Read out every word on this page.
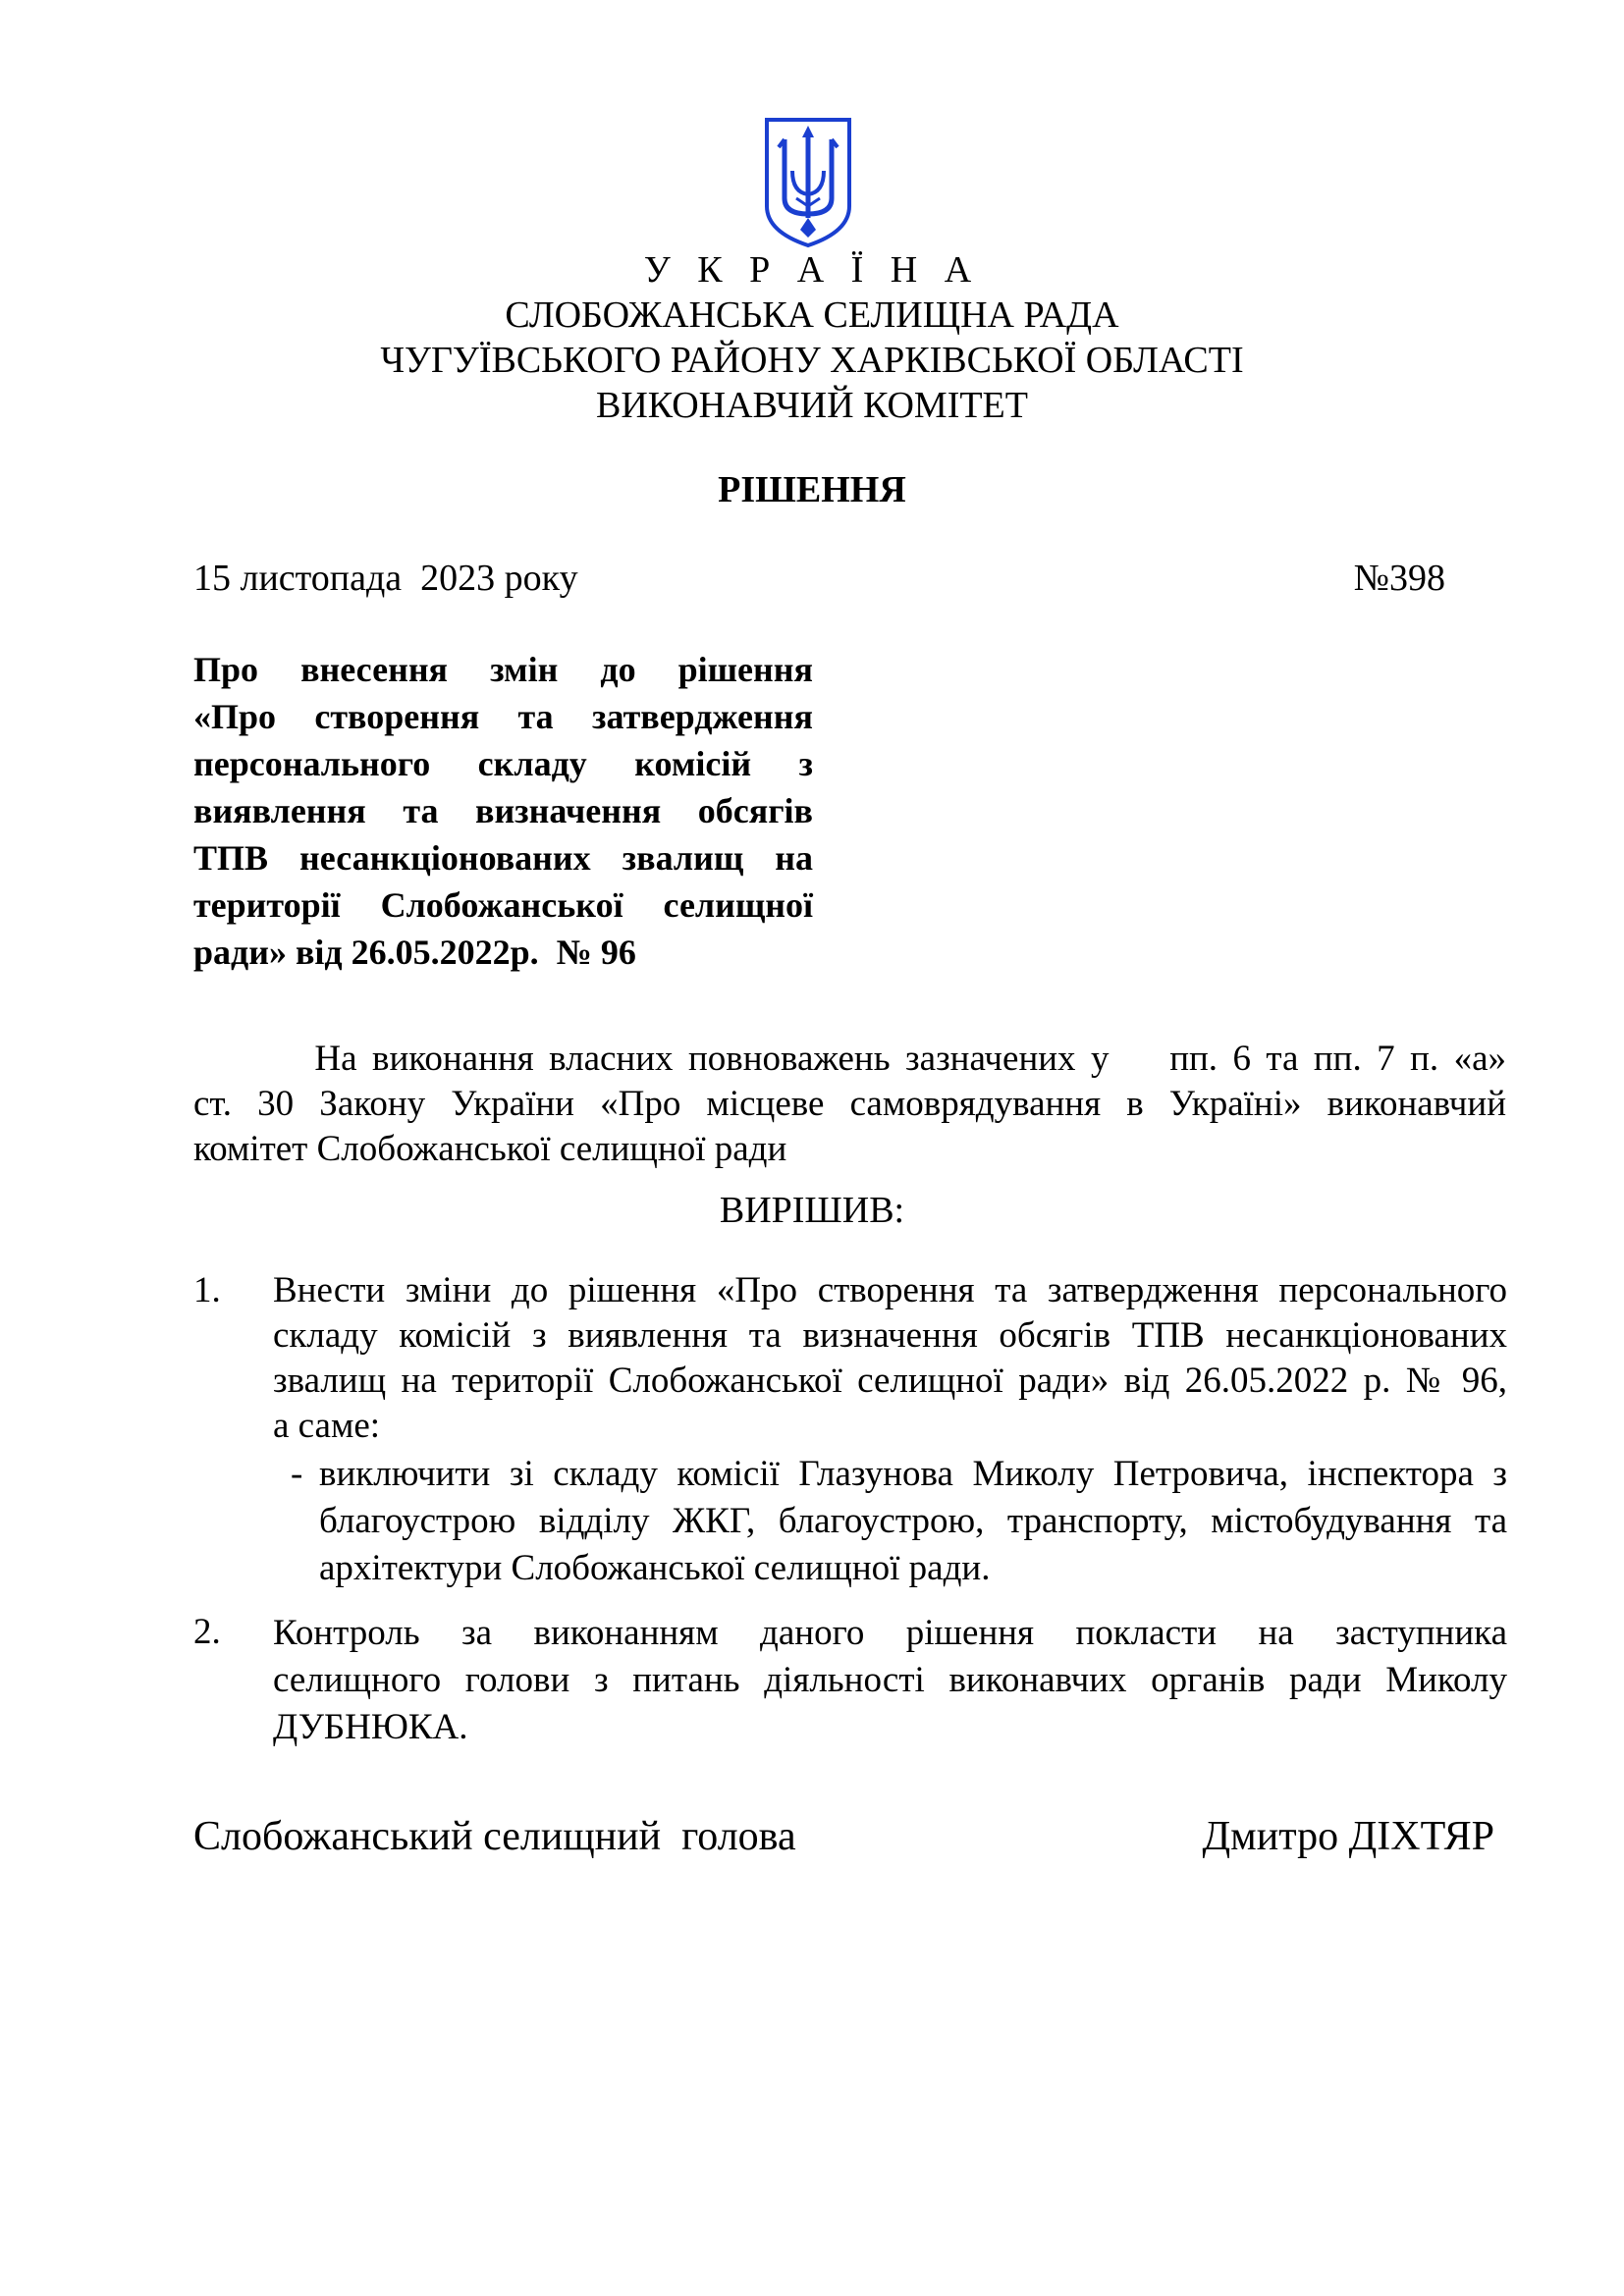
У К Р А Ї Н А
СЛОБОЖАНСЬКА СЕЛИЩНА РАДА
ЧУГУЇВСЬКОГО РАЙОНУ ХАРКІВСЬКОЇ ОБЛАСТІ
ВИКОНАВЧИЙ КОМІТЕТ
РІШЕННЯ
15 листопада  2023 року	№398

Про внесення змін до рішення

«Про створення та затвердження

персонального складу комісій з

виявлення та визначення обсягів

ТПВ несанкціонованих звалищ на

території Слобожанської селищної

ради» від 26.05.2022р.  № 96

На виконання власних повноважень зазначених у    пп. 6 та пп. 7 п. «а»

ст. 30 Закону України «Про місцеве самоврядування в Україні» виконавчий

комітет Слобожанської селищної ради

ВИРІШИВ:
1. Внести зміни до рішення «Про створення та затвердження персонального

складу комісій з виявлення та визначення обсягів ТПВ несанкціонованих

звалищ на території Слобожанської селищної ради» від 26.05.2022 р. № 96,

а саме:

- виключити зі складу комісії Глазунова Миколу Петровича, інспектора з

благоустрою відділу ЖКГ, благоустрою, транспорту, містобудування та

архітектури Слобожанської селищної ради.

2. Контроль за виконанням даного рішення покласти на заступника

селищного голови з питань діяльності виконавчих органів ради Миколу

ДУБНЮКА.

Слобожанський селищний  голова	Дмитро ДІХТЯР
